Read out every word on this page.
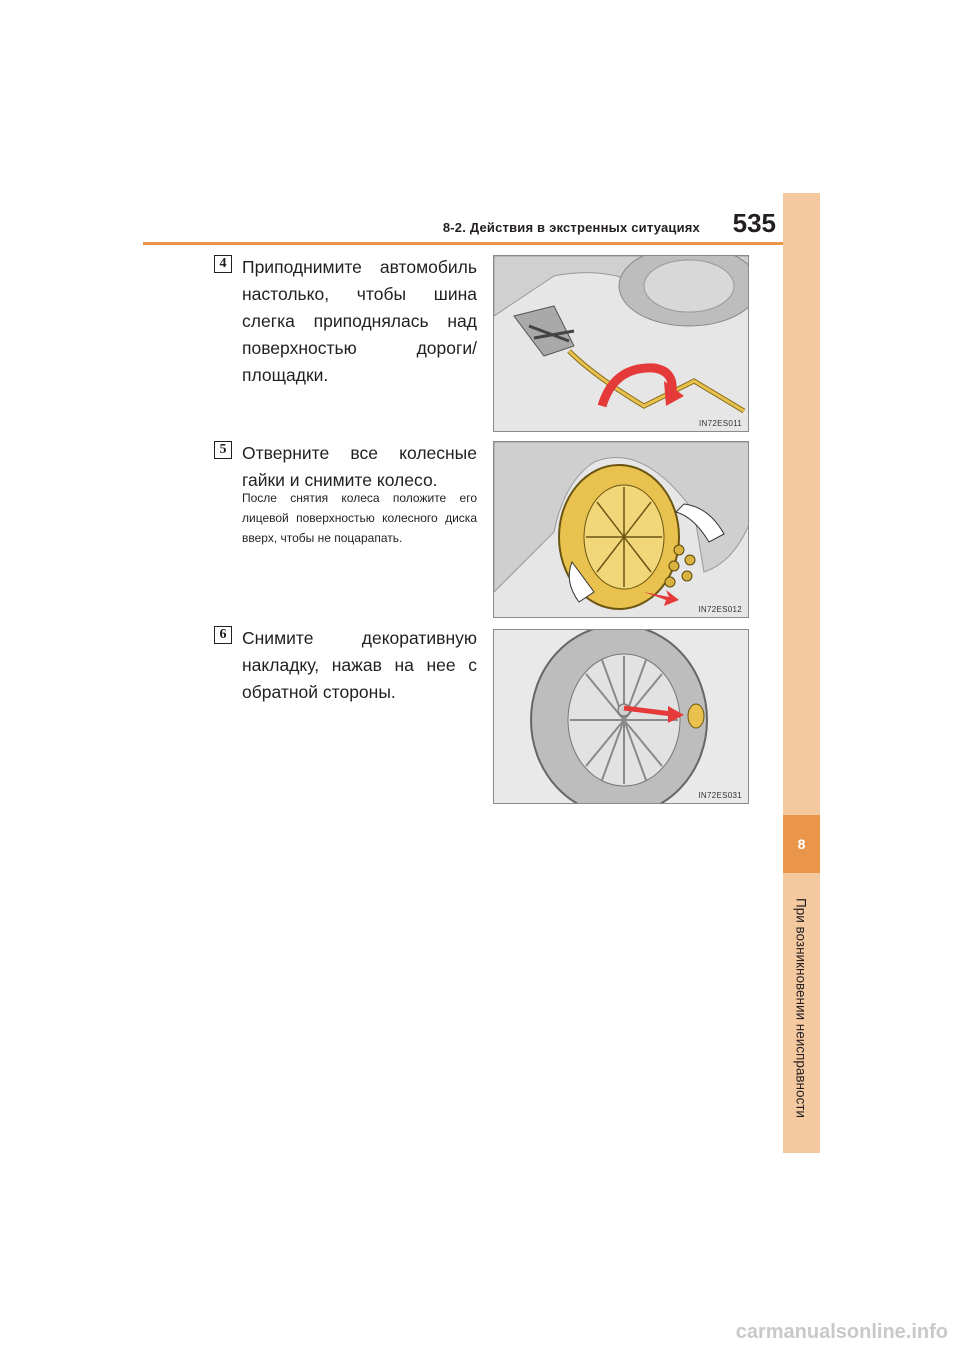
8-2. Действия в экстренных ситуациях	535
8
При возникновении неисправности
4 Приподнимите автомобиль настолько, чтобы шина слегка приподнялась над поверхностью дороги/площадки.
IN72ES011
5 Отверните все колесные гайки и снимите колесо.
После снятия колеса положите его лицевой поверхностью колесного диска вверх, чтобы не поцарапать.
IN72ES012
6 Снимите декоративную накладку, нажав на нее с обратной стороны.
IN72ES031
carmanualsonline.info
